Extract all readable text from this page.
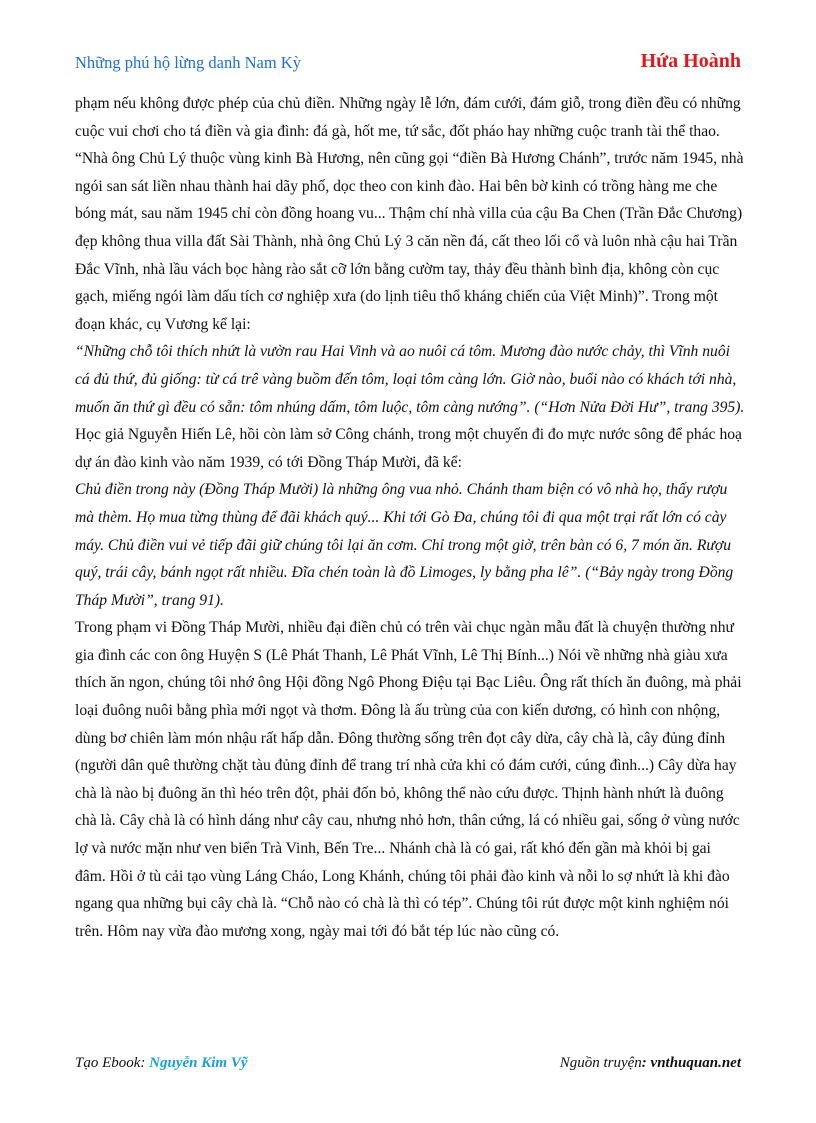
Những phú hộ lừng danh Nam Kỳ	Hứa Hoành

phạm nếu không được phép của chủ điền. Những ngày lễ lớn, đám cưới, đám giỗ, trong điền đều có những cuộc vui chơi cho tá điền và gia đình: đá gà, hốt me, tứ sắc, đốt pháo hay những cuộc tranh tài thể thao.

“Nhà ông Chủ Lý thuộc vùng kinh Bà Hương, nên cũng gọi “điền Bà Hương Chánh”, trước năm 1945, nhà ngói san sát liền nhau thành hai dãy phố, dọc theo con kinh đào. Hai bên bờ kinh có trồng hàng me che bóng mát, sau năm 1945 chỉ còn đồng hoang vu... Thậm chí nhà villa của cậu Ba Chen (Trần Đắc Chương) đẹp không thua villa đất Sài Thành, nhà ông Chủ Lý 3 căn nền đá, cất theo lối cổ và luôn nhà cậu hai Trần Đắc Vĩnh, nhà lầu vách bọc hàng rào sắt cỡ lớn bằng cườm tay, thảy đều thành bình địa, không còn cục gạch, miếng ngói làm dấu tích cơ nghiệp xưa (do lịnh tiêu thổ kháng chiến của Việt Minh)”. Trong một đoạn khác, cụ Vương kể lại:

“Những chỗ tôi thích nhứt là vườn rau Hai Vinh và ao nuôi cá tôm. Mương đào nước chảy, thì Vĩnh nuôi cá đủ thứ, đủ giống: từ cá trê vàng buồm đến tôm, loại tôm càng lớn. Giờ nào, buổi nào có khách tới nhà, muốn ăn thứ gì đều có sẵn: tôm nhúng dấm, tôm luộc, tôm càng nướng”. (“Hơn Nửa Đời Hư”, trang 395).

Học giả Nguyễn Hiến Lê, hồi còn làm sở Công chánh, trong một chuyến đi đo mực nước sông để phác hoạ dự án đào kinh vào năm 1939, có tới Đồng Tháp Mười, đã kể:

Chủ điền trong này (Đồng Tháp Mười) là những ông vua nhỏ. Chánh tham biện có vô nhà họ, thấy rượu mà thèm. Họ mua từng thùng để đãi khách quý... Khi tới Gò Đa, chúng tôi đi qua một trại rất lớn có cày máy. Chủ điền vui vẻ tiếp đãi giữ chúng tôi lại ăn cơm. Chỉ trong một giờ, trên bàn có 6, 7 món ăn. Rượu quý, trái cây, bánh ngọt rất nhiều. Đĩa chén toàn là đồ Limoges, ly bằng pha lê”. (“Bảy ngày trong Đồng Tháp Mười”, trang 91).

Trong phạm vi Đồng Tháp Mười, nhiều đại điền chủ có trên vài chục ngàn mẫu đất là chuyện thường như gia đình các con ông Huyện S (Lê Phát Thanh, Lê Phát Vĩnh, Lê Thị Bính...) Nói về những nhà giàu xưa thích ăn ngon, chúng tôi nhớ ông Hội đồng Ngô Phong Điệu tại Bạc Liêu. Ông rất thích ăn đuông, mà phải loại đuông nuôi bằng phìa mới ngọt và thơm. Đông là ấu trùng của con kiến dương, có hình con nhộng, dùng bơ chiên làm món nhậu rất hấp dẫn. Đông thường sống trên đọt cây dừa, cây chà là, cây đủng đỉnh (người dân quê thường chặt tàu đủng đỉnh để trang trí nhà cửa khi có đám cưới, cúng đình...) Cây dừa hay chà là nào bị đuông ăn thì héo trên đột, phải đốn bỏ, không thể nào cứu được. Thịnh hành nhứt là đuông chà là. Cây chà là có hình dáng như cây cau, nhưng nhỏ hơn, thân cứng, lá có nhiều gai, sống ở vùng nước lợ và nước mặn như ven biển Trà Vinh, Bến Tre... Nhánh chà là có gai, rất khó đến gần mà khỏi bị gai đâm. Hồi ở tù cải tạo vùng Láng Cháo, Long Khánh, chúng tôi phải đào kinh và nỗi lo sợ nhứt là khi đào ngang qua những bụi cây chà là. “Chỗ nào có chà là thì có tép”. Chúng tôi rút được một kinh nghiệm nói trên. Hôm nay vừa đào mương xong, ngày mai tới đó bắt tép lúc nào cũng có.

Tạo Ebook: Nguyễn Kim Vỹ	Nguồn truyện: vnthuquan.net
